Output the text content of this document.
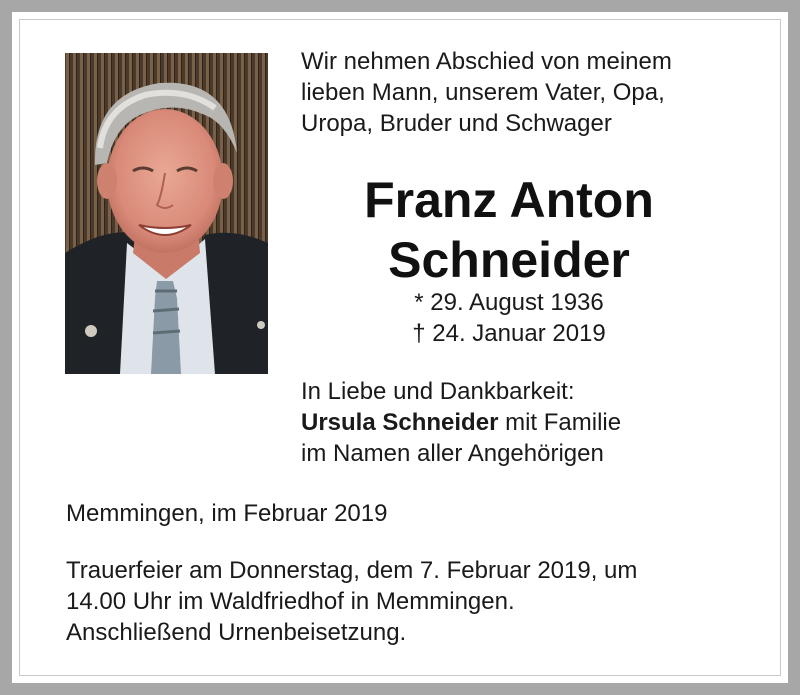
Wir nehmen Abschied von meinem
lieben Mann, unserem Vater, Opa,
Uropa, Bruder und Schwager
Franz Anton
Schneider
* 29. August 1936
† 24. Januar 2019
In Liebe und Dankbarkeit:
Ursula Schneider mit Familie
im Namen aller Angehörigen
Memmingen, im Februar 2019
Trauerfeier am Donnerstag, dem 7. Februar 2019, um
14.00 Uhr im Waldfriedhof in Memmingen.
Anschließend Urnenbeisetzung.
